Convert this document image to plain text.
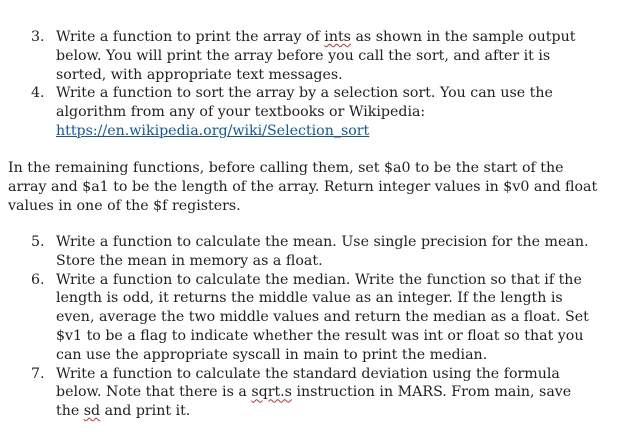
3. Write a function to print the array of ints as shown in the sample output below. You will print the array before you call the sort, and after it is sorted, with appropriate text messages.
4. Write a function to sort the array by a selection sort. You can use the algorithm from any of your textbooks or Wikipedia:
https://en.wikipedia.org/wiki/Selection_sort

In the remaining functions, before calling them, set $a0 to be the start of the array and $a1 to be the length of the array. Return integer values in $v0 and float values in one of the $f registers.

5. Write a function to calculate the mean. Use single precision for the mean. Store the mean in memory as a float.
6. Write a function to calculate the median. Write the function so that if the length is odd, it returns the middle value as an integer. If the length is even, average the two middle values and return the median as a float. Set $v1 to be a flag to indicate whether the result was int or float so that you can use the appropriate syscall in main to print the median.
7. Write a function to calculate the standard deviation using the formula below. Note that there is a sqrt.s instruction in MARS. From main, save the sd and print it.
